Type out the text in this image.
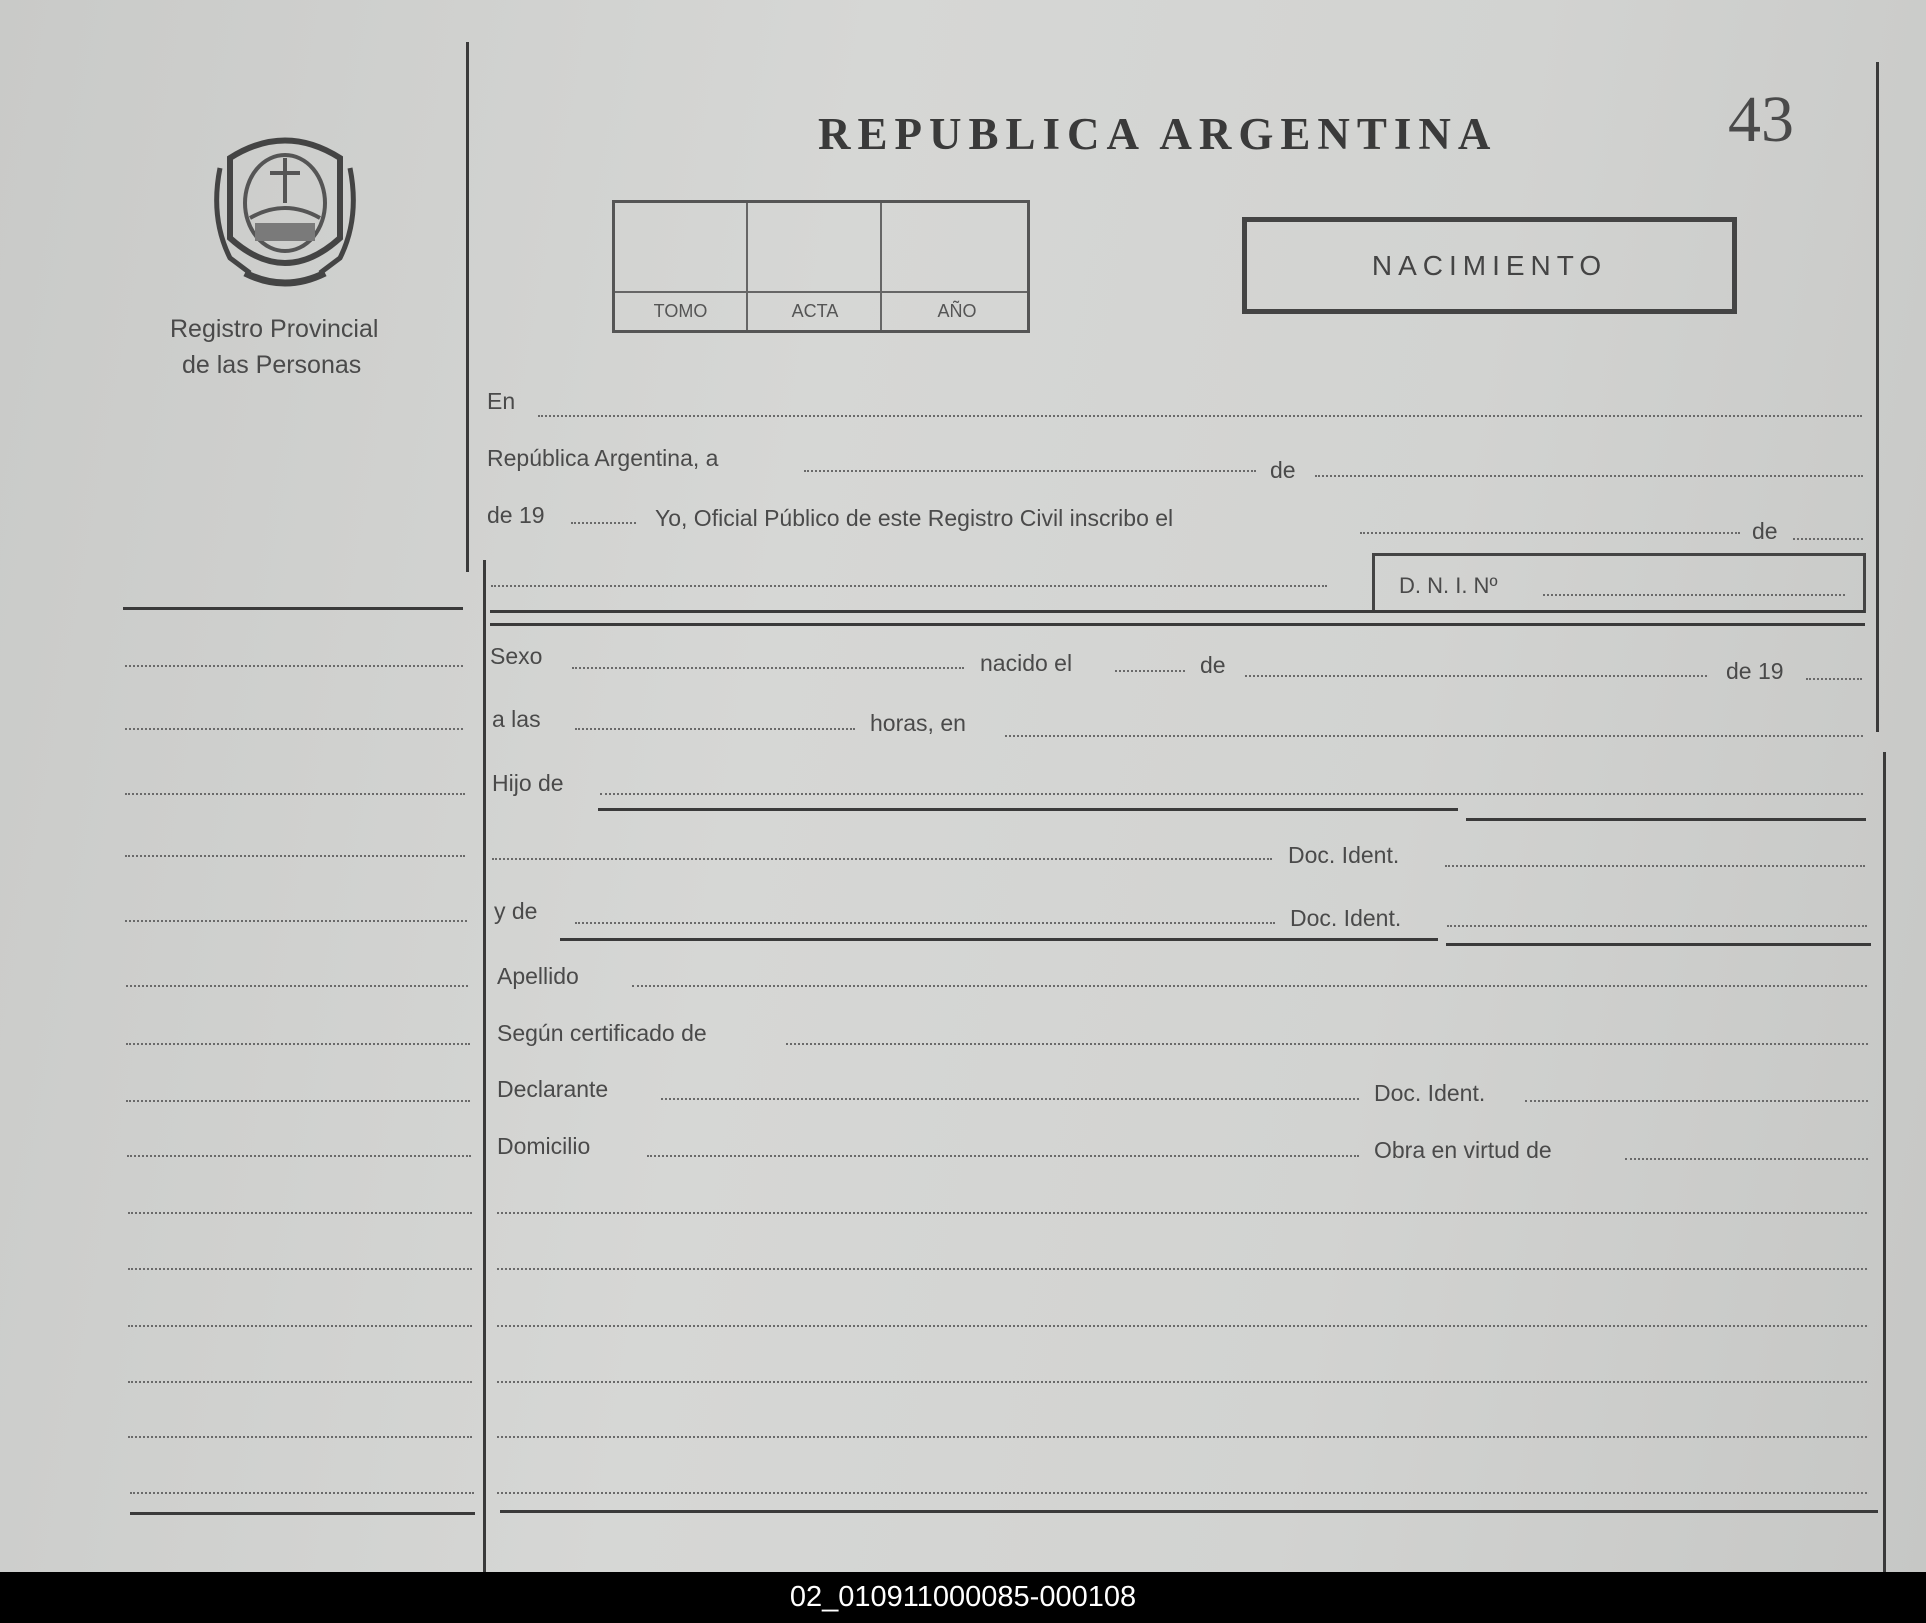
Registro Provincial
de las Personas
REPUBLICA ARGENTINA	43
TOMO	ACTA	AÑO
NACIMIENTO
En
República Argentina, a	de
de 19	Yo, Oficial Público de este Registro Civil inscribo el	de
D. N. I. Nº
Sexo	nacido el	de	de 19
a las	horas, en
Hijo de
Doc. Ident.
y de	Doc. Ident.
Apellido
Según certificado de
Declarante	Doc. Ident.
Domicilio	Obra en virtud de
02_010911000085-000108
